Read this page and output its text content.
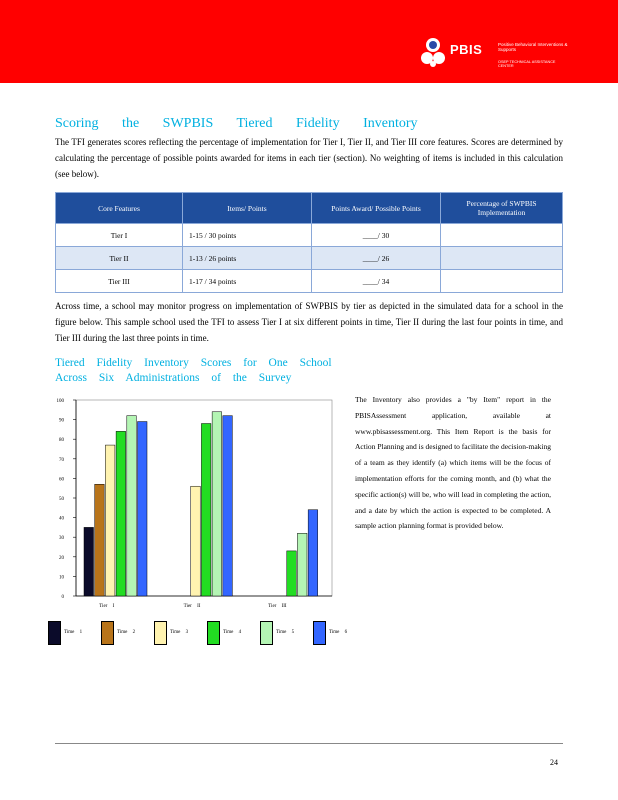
PBIS	Positive Behavioral Interventions & Supports
OSEP TECHNICAL ASSISTANCE CENTER
Scoring the SWPBIS Tiered Fidelity Inventory
The TFI generates scores reflecting the percentage of implementation for Tier I, Tier II, and Tier III core features. Scores are determined by calculating the percentage of possible points awarded for items in each tier (section). No weighting of items is included in this calculation (see below).
Core Features	Items/ Points	Points Award/ Possible Points	Percentage of SWPBIS Implementation
Tier I	1-15 / 30 points	____/ 30	
Tier II	1-13 / 26 points	____/ 26	
Tier III	1-17 / 34 points	____/ 34	
Across time, a school may monitor progress on implementation of SWPBIS by tier as depicted in the simulated data for a school in the figure below. This sample school used the TFI to assess Tier I at six different points in time, Tier II during the last four points in time, and Tier III during the last three points in time.
Tiered Fidelity Inventory Scores for One School Across Six Administrations of the Survey
0
10
20
30
40
50
60
70
80
90
100
Tier I	Tier II	Tier III
Time 1	Time 2	Time 3	Time 4	Time 5	Time 6
The Inventory also provides a "by Item" report in the PBISAssessment application, available at www.pbisassessment.org. This Item Report is the basis for Action Planning and is designed to facilitate the decision-making of a team as they identify (a) which items will be the focus of implementation efforts for the coming month, and (b) what the specific action(s) will be, who will lead in completing the action, and a date by which the action is expected to be completed. A sample action planning format is provided below.
24
